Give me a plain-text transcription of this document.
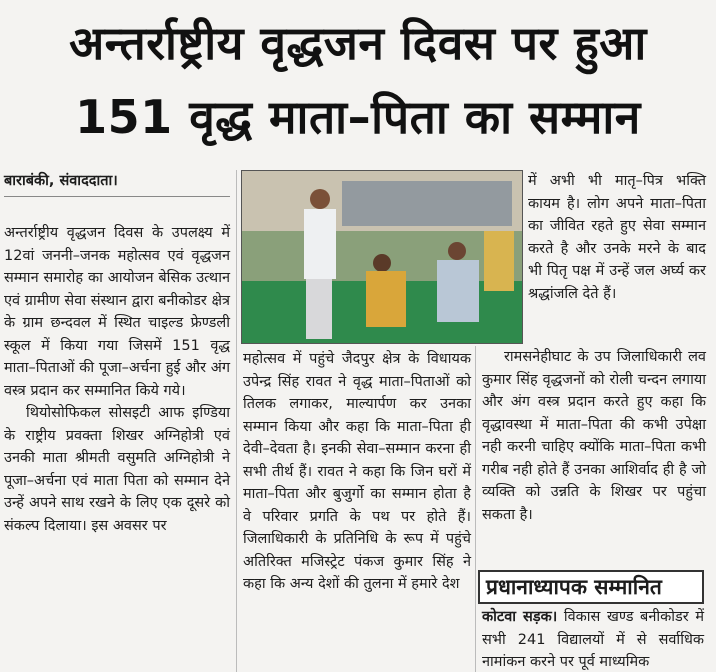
अन्तर्राष्ट्रीय वृद्धजन दिवस पर हुआ
151 वृद्ध माता–पिता का सम्मान
बाराबंकी, संवाददाता।

अन्तर्राष्ट्रीय वृद्धजन दिवस के उपलक्ष्य में 12वां जननी–जनक महोत्सव एवं वृद्धजन सम्मान समारोह का आयोजन बेसिक उत्थान एवं ग्रामीण सेवा संस्थान द्वारा बनीकोडर क्षेत्र के ग्राम छन्दवल में स्थित चाइल्ड फ्रेण्डली स्कूल में किया गया जिसमें 151 वृद्ध माता–पिताओं की पूजा–अर्चना हुई और अंग वस्त्र प्रदान कर सम्मानित किये गये।

थियोसोफिकल सोसइटी आफ इण्डिया के राष्ट्रीय प्रवक्ता शिखर अग्निहोत्री एवं उनकी माता श्रीमती वसुमति अग्निहोत्री ने पूजा–अर्चना एवं माता पिता को सम्मान देने उन्हें अपने साथ रखने के लिए एक दूसरे को संकल्प दिलाया। इस अवसर पर

महोत्सव में पहुंचे जैदपुर क्षेत्र के विधायक उपेन्द्र सिंह रावत ने वृद्ध माता–पिताओं को तिलक लगाकर, माल्यार्पण कर उनका सम्मान किया और कहा कि माता–पिता ही देवी–देवता है। इनकी सेवा–सम्मान करना ही सभी तीर्थ हैं। रावत ने कहा कि जिन घरों में माता–पिता और बुजुर्गो का सम्मान होता है वे परिवार प्रगति के पथ पर होते हैं। जिलाधिकारी के प्रतिनिधि के रूप में पहुंचे अतिरिक्त मजिस्ट्रेट पंकज कुमार सिंह ने कहा कि अन्य देशों की तुलना में हमारे देश

में अभी भी मातृ–पित्र भक्ति कायम है। लोग अपने माता–पिता का जीवित रहते हुए सेवा सम्मान करते है और उनके मरने के बाद भी पितृ पक्ष में उन्हें जल अर्घ्य कर श्रद्धांजलि देते हैं।

रामसनेहीघाट के उप जिलाधिकारी लव कुमार सिंह वृद्धजनों को रोली चन्दन लगाया और अंग वस्त्र प्रदान करते हुए कहा कि वृद्धावस्था में माता–पिता की कभी उपेक्षा नही करनी चाहिए क्योंकि माता–पिता कभी गरीब नही होते हैं उनका आशिर्वाद ही है जो व्यक्ति को उन्नति के शिखर पर पहुंचा सकता है।

प्रधानाध्यापक सम्मानित
कोटवा सड़क। विकास खण्ड बनीकोडर में सभी 241 विद्यालयों में से सर्वाधिक नामांकन करने पर पूर्व माध्यमिक
